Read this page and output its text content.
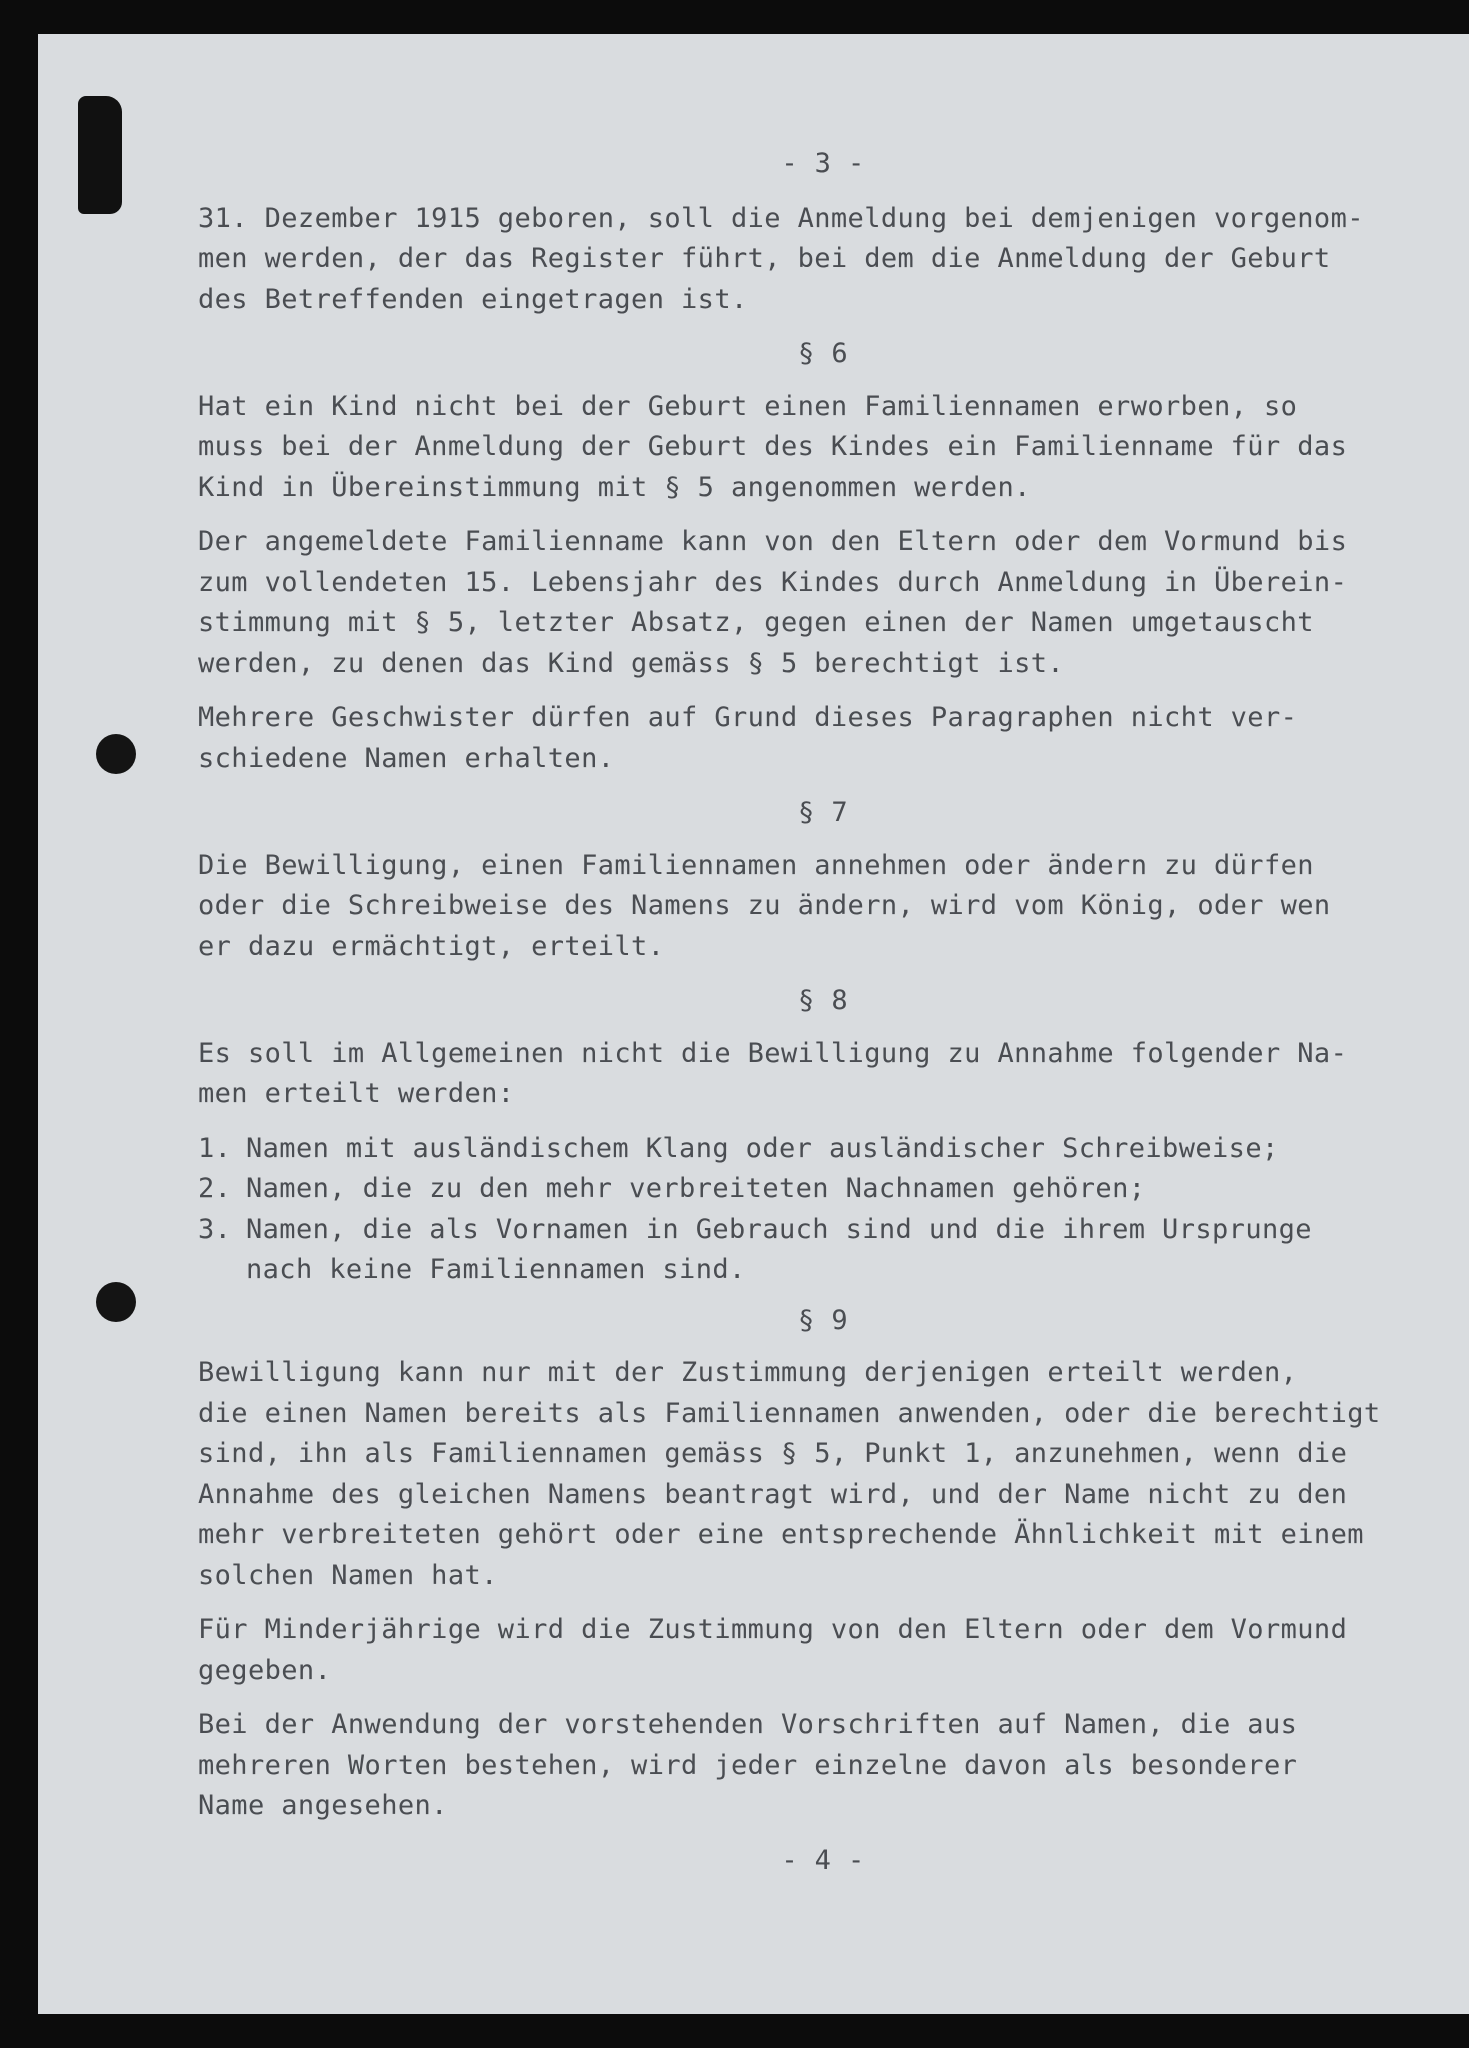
- 3 -
31. Dezember 1915 geboren, soll die Anmeldung bei demjenigen vorgenom-
men werden, der das Register führt, bei dem die Anmeldung der Geburt
des Betreffenden eingetragen ist.
§ 6
Hat ein Kind nicht bei der Geburt einen Familiennamen erworben, so
muss bei der Anmeldung der Geburt des Kindes ein Familienname für das
Kind in Übereinstimmung mit § 5 angenommen werden.
Der angemeldete Familienname kann von den Eltern oder dem Vormund bis
zum vollendeten 15. Lebensjahr des Kindes durch Anmeldung in Überein-
stimmung mit § 5, letzter Absatz, gegen einen der Namen umgetauscht
werden, zu denen das Kind gemäss § 5 berechtigt ist.
Mehrere Geschwister dürfen auf Grund dieses Paragraphen nicht ver-
schiedene Namen erhalten.
§ 7
Die Bewilligung, einen Familiennamen annehmen oder ändern zu dürfen
oder die Schreibweise des Namens zu ändern, wird vom König, oder wen
er dazu ermächtigt, erteilt.
§ 8
Es soll im Allgemeinen nicht die Bewilligung zu Annahme folgender Na-
men erteilt werden:
1. Namen mit ausländischem Klang oder ausländischer Schreibweise;
2. Namen, die zu den mehr verbreiteten Nachnamen gehören;
3. Namen, die als Vornamen in Gebrauch sind und die ihrem Ursprunge
nach keine Familiennamen sind.
§ 9
Bewilligung kann nur mit der Zustimmung derjenigen erteilt werden,
die einen Namen bereits als Familiennamen anwenden, oder die berechtigt
sind, ihn als Familiennamen gemäss § 5, Punkt 1, anzunehmen, wenn die
Annahme des gleichen Namens beantragt wird, und der Name nicht zu den
mehr verbreiteten gehört oder eine entsprechende Ähnlichkeit mit einem
solchen Namen hat.
Für Minderjährige wird die Zustimmung von den Eltern oder dem Vormund
gegeben.
Bei der Anwendung der vorstehenden Vorschriften auf Namen, die aus
mehreren Worten bestehen, wird jeder einzelne davon als besonderer
Name angesehen.
- 4 -
